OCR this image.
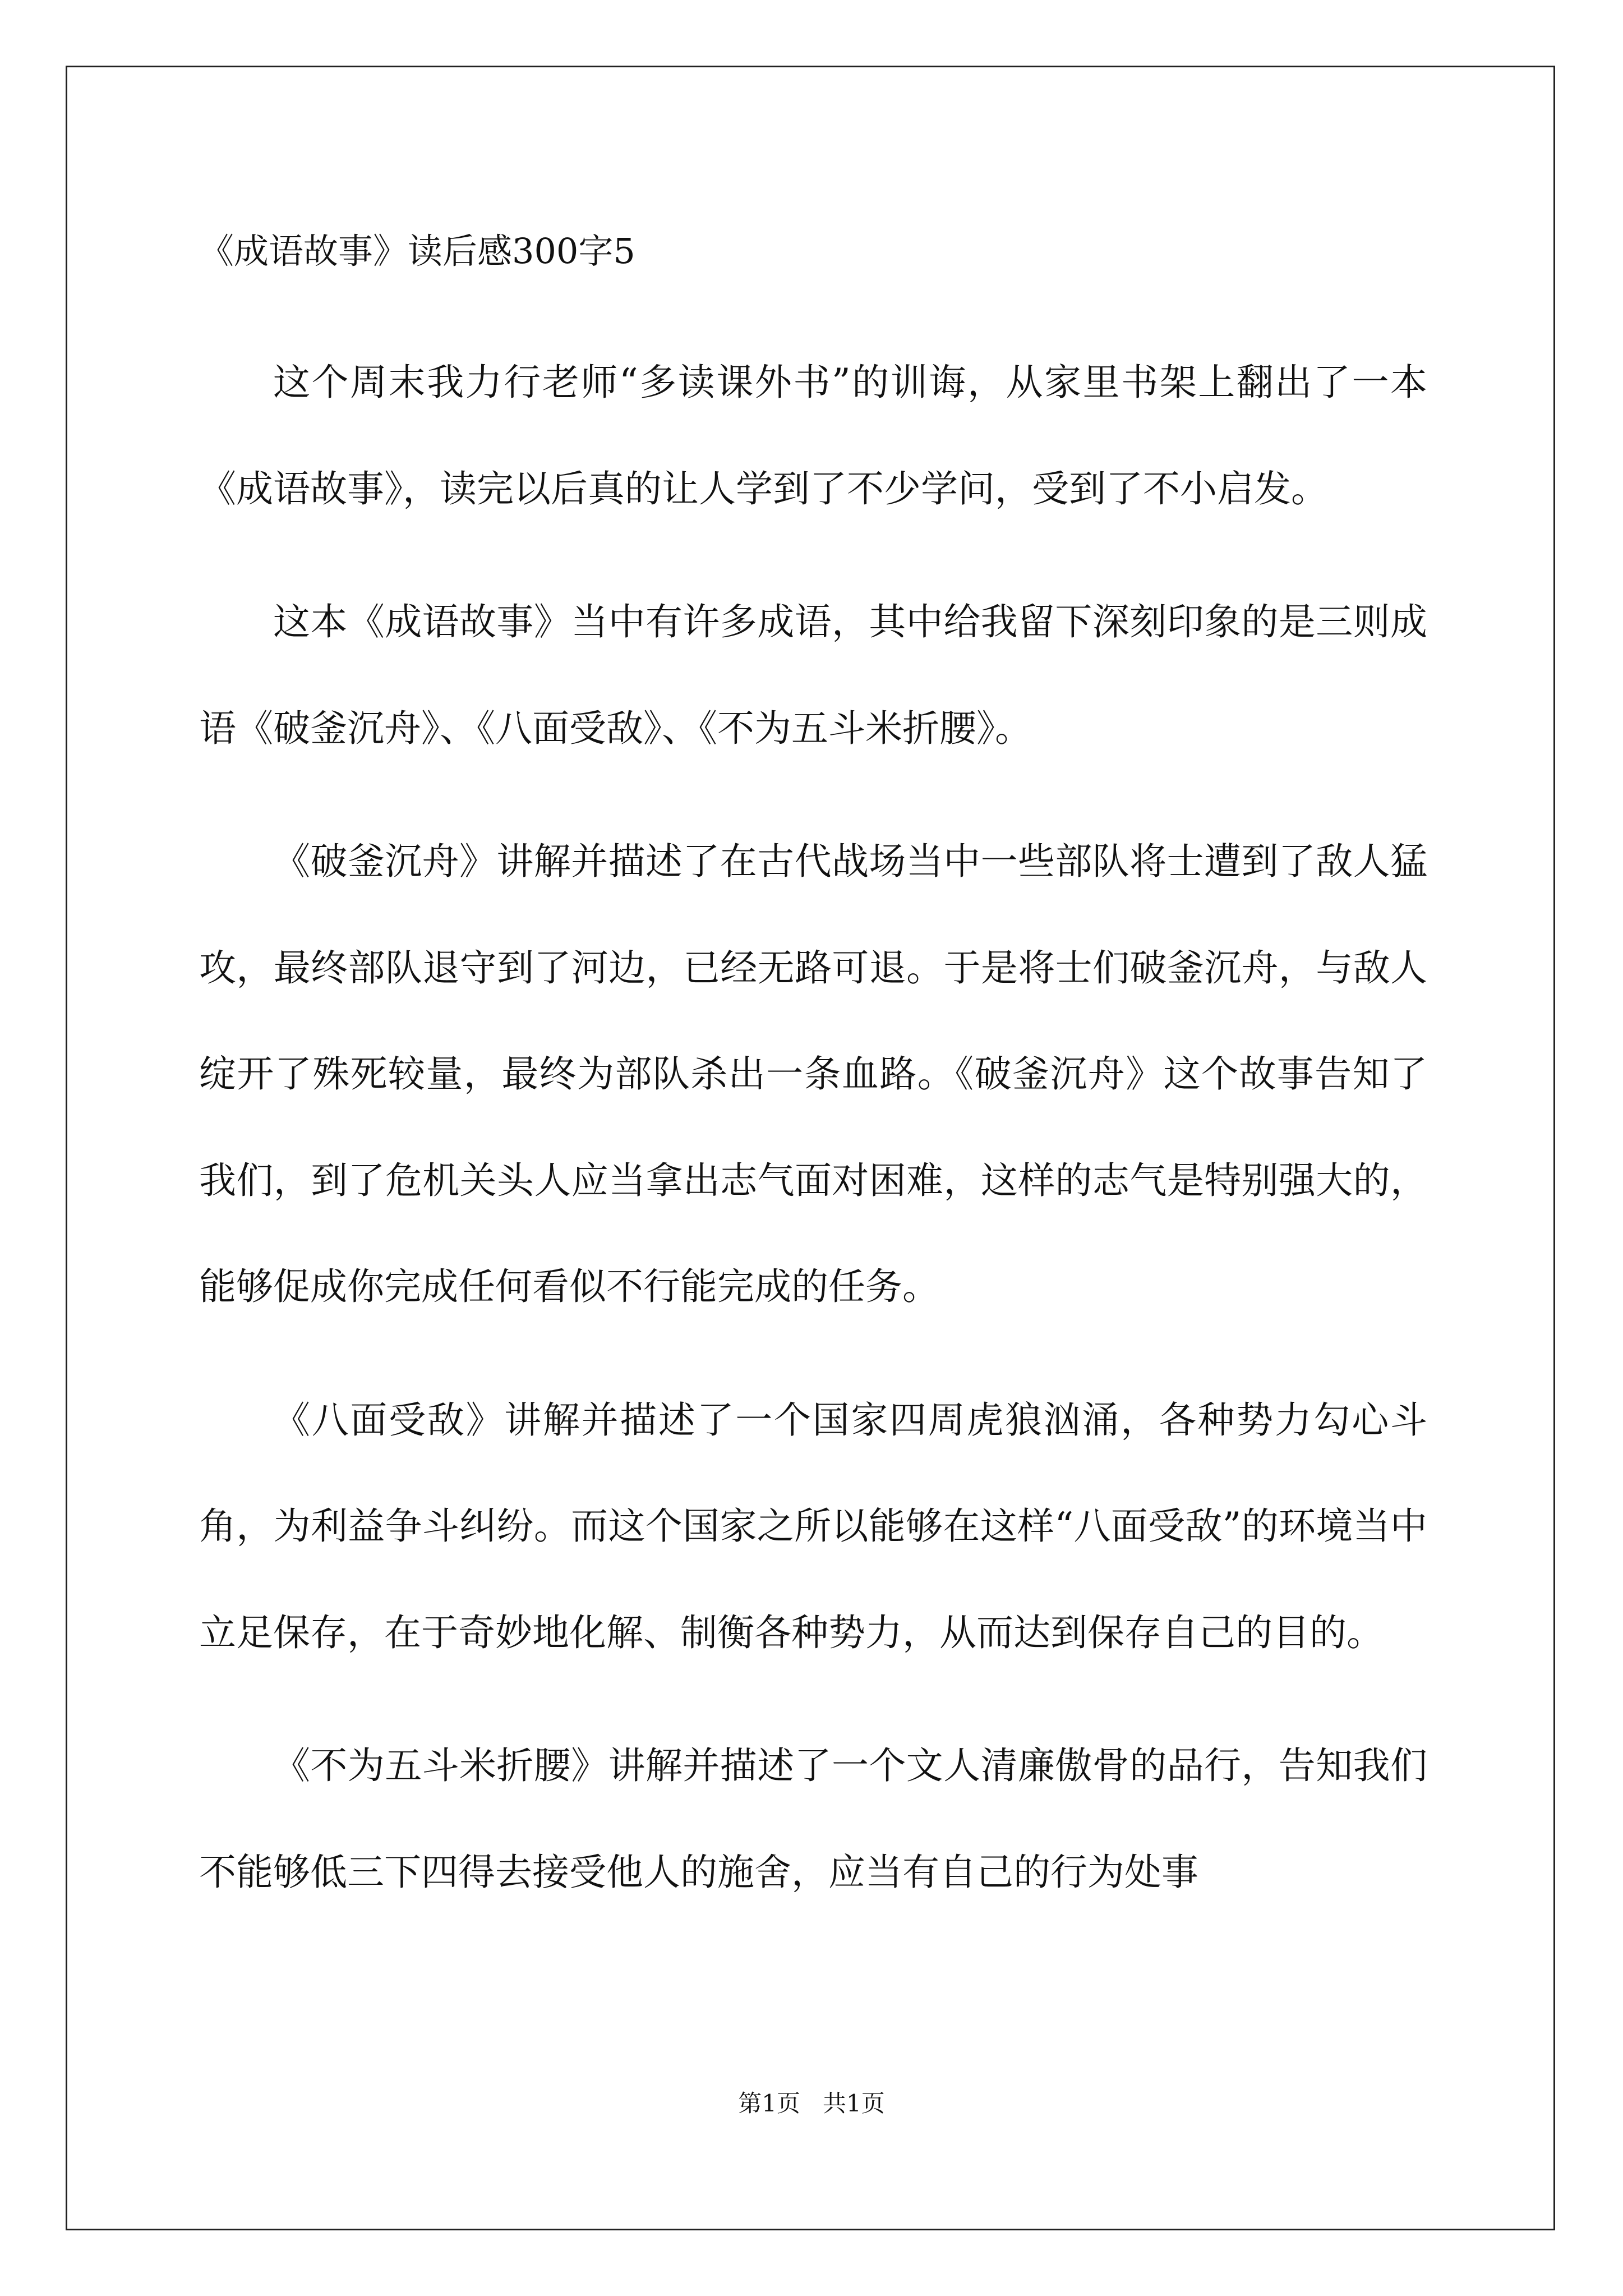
《成语故事》读后感300字5

这个周末我力行老师“多读课外书”的训诲，从家里书架上翻出了一本《成语故事》，读完以后真的让人学到了不少学问，受到了不小启发。

这本《成语故事》当中有许多成语，其中给我留下深刻印象的是三则成语《破釜沉舟》、《八面受敌》、《不为五斗米折腰》。

《破釜沉舟》讲解并描述了在古代战场当中一些部队将士遭到了敌人猛攻，最终部队退守到了河边，已经无路可退。于是将士们破釜沉舟，与敌人绽开了殊死较量，最终为部队杀出一条血路。《破釜沉舟》这个故事告知了我们，到了危机关头人应当拿出志气面对困难，这样的志气是特别强大的，能够促成你完成任何看似不行能完成的任务。

《八面受敌》讲解并描述了一个国家四周虎狼汹涌，各种势力勾心斗角，为利益争斗纠纷。而这个国家之所以能够在这样“八面受敌”的环境当中立足保存，在于奇妙地化解、制衡各种势力，从而达到保存自己的目的。

《不为五斗米折腰》讲解并描述了一个文人清廉傲骨的品行，告知我们不能够低三下四得去接受他人的施舍，应当有自己的行为处事

第1页   共1页
